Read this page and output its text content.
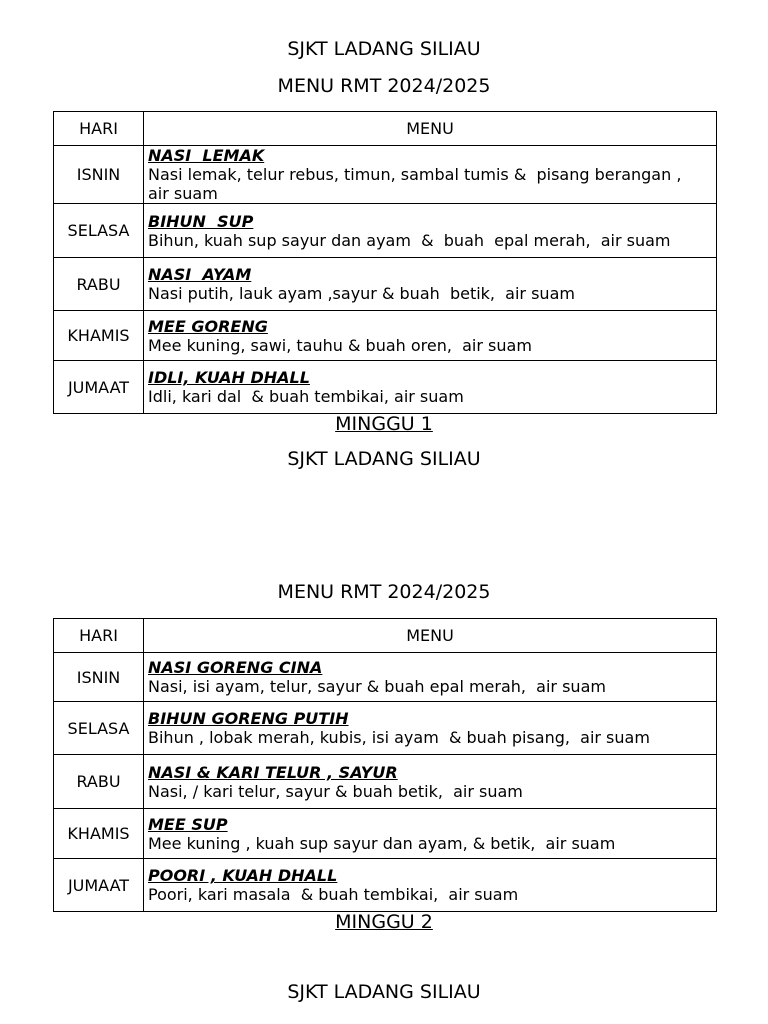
SJKT LADANG SILIAU
MENU RMT 2024/2025
HARI	MENU
ISNIN	NASI  LEMAK
Nasi lemak, telur rebus, timun, sambal tumis &  pisang berangan , air suam

SELASA	BIHUN  SUP
Bihun, kuah sup sayur dan ayam  &  buah  epal merah,  air suam

RABU	NASI  AYAM
Nasi putih, lauk ayam ,sayur & buah  betik,  air suam

KHAMIS	MEE GORENG
Mee kuning, sawi, tauhu & buah oren,  air suam

JUMAAT	IDLI, KUAH DHALL
Idli, kari dal  & buah tembikai, air suam
MINGGU 1
SJKT LADANG SILIAU
MENU RMT 2024/2025
HARI	MENU
ISNIN	NASI GORENG CINA
Nasi, isi ayam, telur, sayur & buah epal merah,  air suam

SELASA	BIHUN GORENG PUTIH
Bihun , lobak merah, kubis, isi ayam  & buah pisang,  air suam

RABU	NASI & KARI TELUR , SAYUR
Nasi, / kari telur, sayur & buah betik,  air suam

KHAMIS	MEE SUP
Mee kuning , kuah sup sayur dan ayam, & betik,  air suam

JUMAAT	POORI , KUAH DHALL
Poori, kari masala  & buah tembikai,  air suam
MINGGU 2
SJKT LADANG SILIAU
